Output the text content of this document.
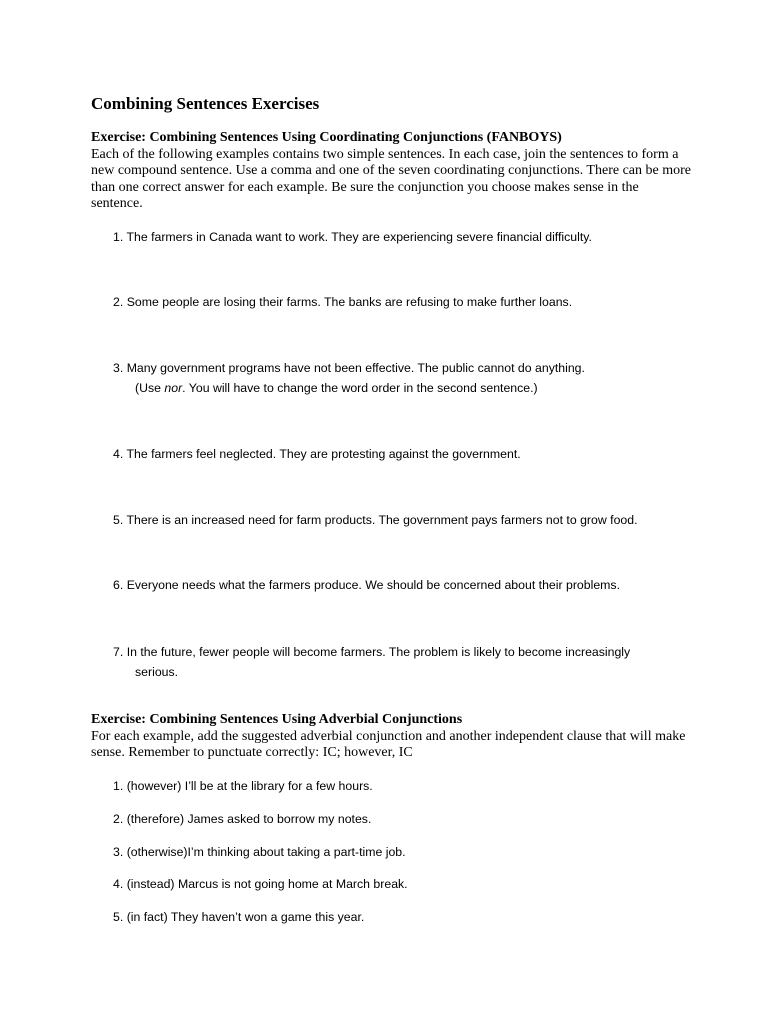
Combining Sentences Exercises
Exercise: Combining Sentences Using Coordinating Conjunctions (FANBOYS)

Each of the following examples contains two simple sentences. In each case, join the sentences to form a new compound sentence. Use a comma and one of the seven coordinating conjunctions. There can be more than one correct answer for each example. Be sure the conjunction you choose makes sense in the sentence.

1. The farmers in Canada want to work. They are experiencing severe financial difficulty.
2. Some people are losing their farms. The banks are refusing to make further loans.
3. Many government programs have not been effective. The public cannot do anything.
(Use nor. You will have to change the word order in the second sentence.)
4. The farmers feel neglected. They are protesting against the government.
5. There is an increased need for farm products. The government pays farmers not to grow food.
6. Everyone needs what the farmers produce. We should be concerned about their problems.
7. In the future, fewer people will become farmers. The problem is likely to become increasingly
serious.
Exercise: Combining Sentences Using Adverbial Conjunctions

For each example, add the suggested adverbial conjunction and another independent clause that will make sense. Remember to punctuate correctly: IC; however, IC

1. (however) I’ll be at the library for a few hours.
2. (therefore) James asked to borrow my notes.
3. (otherwise)I’m thinking about taking a part-time job.
4. (instead) Marcus is not going home at March break.
5. (in fact) They haven’t won a game this year.
